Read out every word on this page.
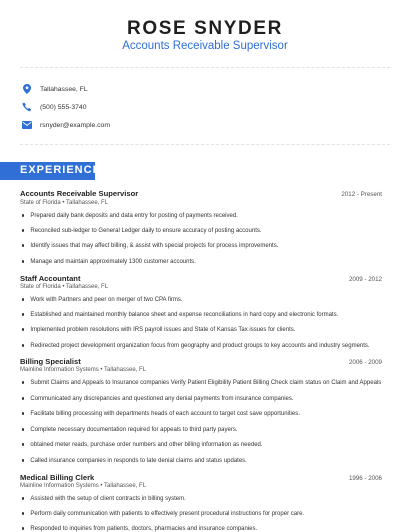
ROSE SNYDER
Accounts Receivable Supervisor
Tallahassee, FL
(500) 555-3740
rsnyder@example.com
EXPERIENCE
Accounts Receivable Supervisor	2012 - Present
State of Florida • Tallahassee, FL
Prepared daily bank deposits and data entry for posting of payments received.
Reconciled sub-ledger to General Ledger daily to ensure accuracy of posting accounts.
Identify issues that may affect billing, & assist with special projects for process improvements.
Manage and maintain approximately 1300 customer accounts.
Staff Accountant	2009 - 2012
State of Florida • Tallahassee, FL
Work with Partners and peer on merger of two CPA firms.
Established and maintained monthly balance sheet and expense reconciliations in hard copy and electronic formats.
Implemented problem resolutions with IRS payroll issues and State of Kansas Tax issues for clients.
Redirected project development organization focus from geography and product groups to key accounts and industry segments.
Billing Specialist	2006 - 2009
Mainline Information Systems • Tallahassee, FL
Submit Claims and Appeals to Insurance companies Verify Patient Eligibility Patient Billing Check claim status on Claim and Appeals
Communicated any discrepancies and questioned any denial payments from insurance companies.
Facilitate billing processing with departments heads of each account to target cost save opportunities.
Complete necessary documentation required for appeals to third party payers.
obtained meter reads, purchase order numbers and other billing information as needed.
Called insurance companies in responds to late denial claims and status updates.
Medical Billing Clerk	1996 - 2006
Mainline Information Systems • Tallahassee, FL
Assisted with the setup of client contracts in billing system.
Perform daily communication with patients to effectively present procedural instructions for proper care.
Responded to inquiries from patients, doctors, pharmacies and insurance companies.
